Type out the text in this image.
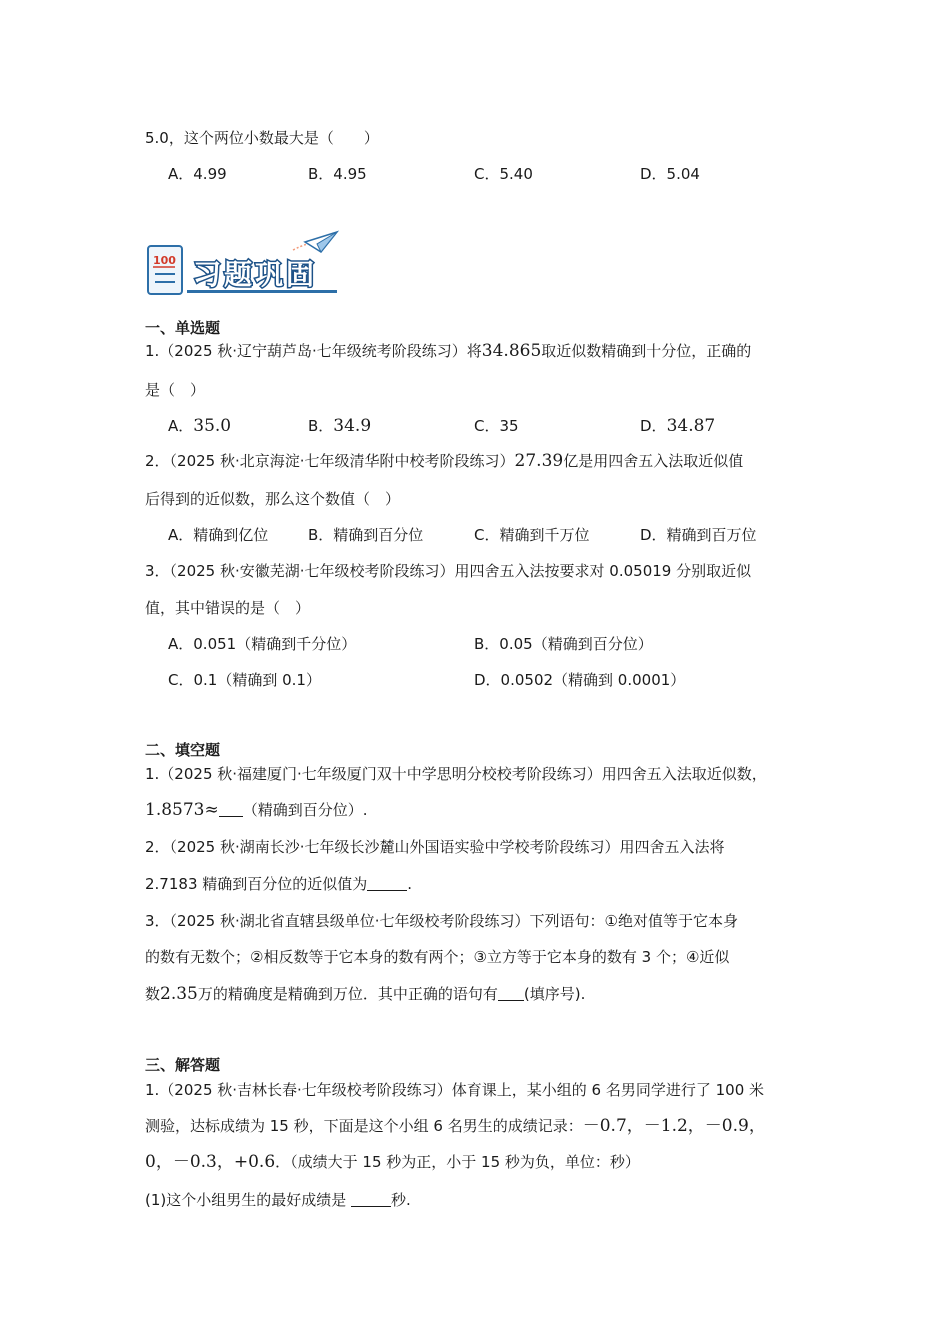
5.0，这个两位小数最大是（　　）
A．4.99	B．4.95	C．5.40	D．5.04
100 习题巩固
一、单选题
1.（2025 秋·辽宁葫芦岛·七年级统考阶段练习）将34.865取近似数精确到十分位，正确的
是（　）
A．35.0	B．34.9	C．35	D．34.87
2．（2025 秋·北京海淀·七年级清华附中校考阶段练习）27.39亿是用四舍五入法取近似值
后得到的近似数，那么这个数值（　）
A．精确到亿位	B．精确到百分位	C．精确到千万位	D．精确到百万位
3．（2025 秋·安徽芜湖·七年级校考阶段练习）用四舍五入法按要求对 0.05019 分别取近似
值，其中错误的是（　）
A．0.051（精确到千分位）	B．0.05（精确到百分位）
C．0.1（精确到 0.1）	D．0.0502（精确到 0.0001）
二、填空题
1.（2025 秋·福建厦门·七年级厦门双十中学思明分校校考阶段练习）用四舍五入法取近似数，
1.8573≈ （精确到百分位）.
2．（2025 秋·湖南长沙·七年级长沙麓山外国语实验中学校考阶段练习）用四舍五入法将
2.7183 精确到百分位的近似值为	.
3．（2025 秋·湖北省直辖县级单位·七年级校考阶段练习）下列语句：①绝对值等于它本身
的数有无数个；②相反数等于它本身的数有两个；③立方等于它本身的数有 3 个；④近似
数2.35万的精确度是精确到万位．其中正确的语句有 (填序号).
三、解答题
1.（2025 秋·吉林长春·七年级校考阶段练习）体育课上，某小组的 6 名男同学进行了 100 米
测验，达标成绩为 15 秒，下面是这个小组 6 名男生的成绩记录：－0.7，－1.2，－0.9，
0，－0.3，+0.6．（成绩大于 15 秒为正，小于 15 秒为负，单位：秒）
(1)这个小组男生的最好成绩是	秒.
